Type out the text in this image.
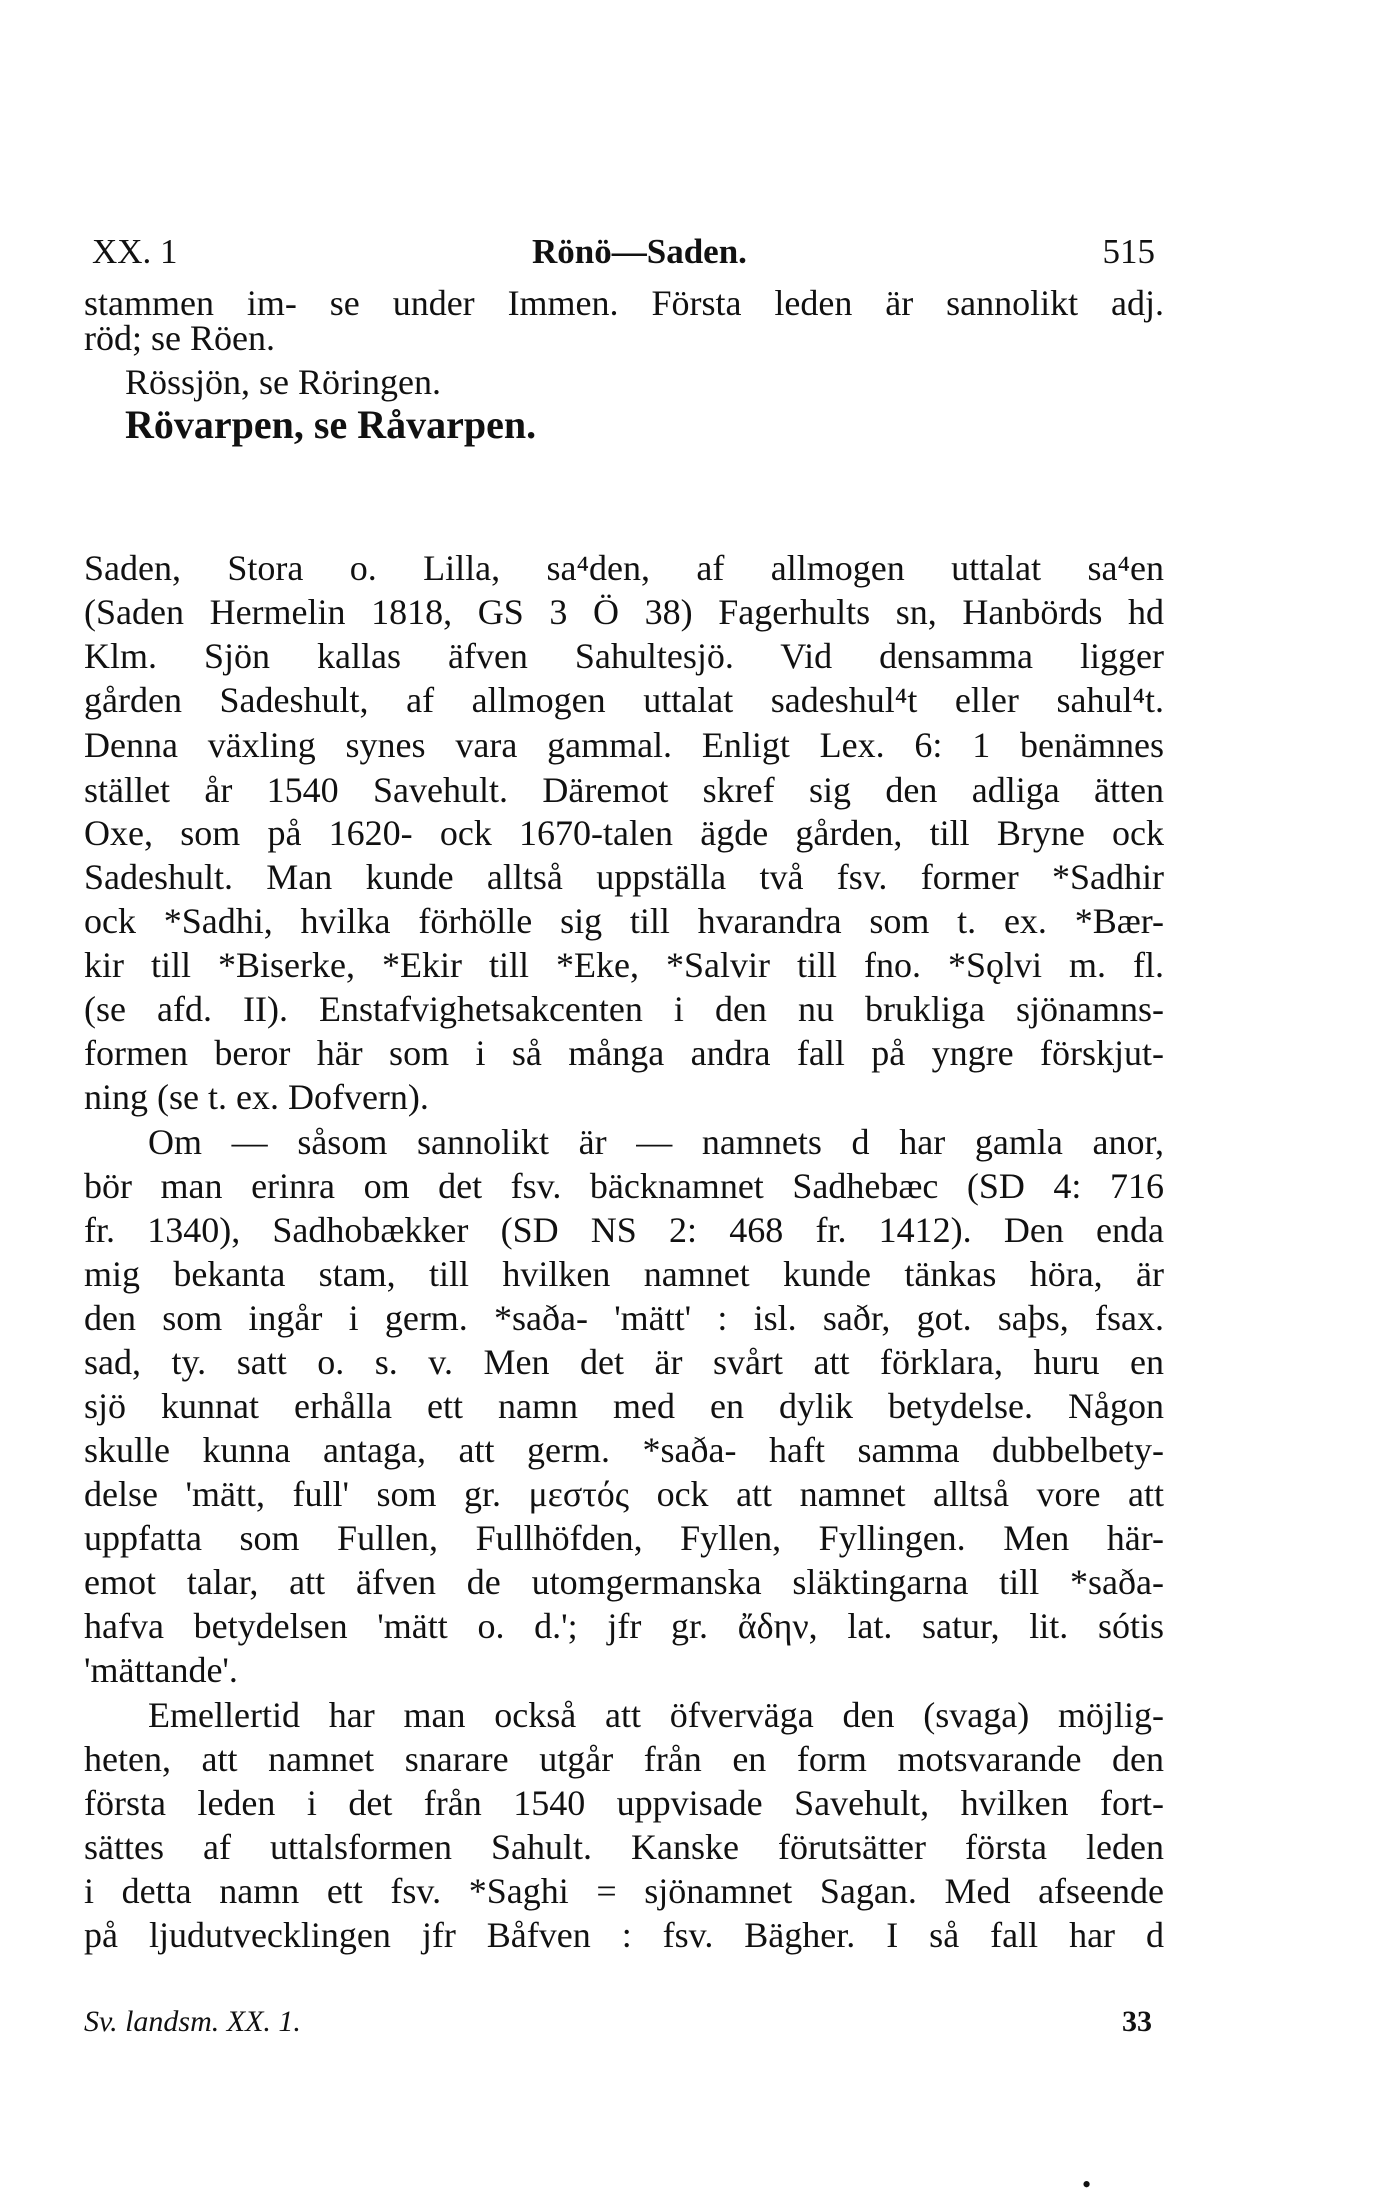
XX. 1	Rönö—Saden.	515
stammen im- se under Immen. Första leden är sannolikt adj.
röd; se Röen.
Rössjön, se Röringen.
Rövarpen, se Råvarpen.
Saden, Stora o. Lilla, sa⁴den, af allmogen uttalat sa⁴en
(Saden Hermelin 1818, GS 3 Ö 38) Fagerhults sn, Hanbörds hd
Klm. Sjön kallas äfven Sahultesjö. Vid densamma ligger
gården Sadeshult, af allmogen uttalat sadeshul⁴t eller sahul⁴t.
Denna växling synes vara gammal. Enligt Lex. 6: 1 benämnes
stället år 1540 Savehult. Däremot skref sig den adliga ätten
Oxe, som på 1620- ock 1670-talen ägde gården, till Bryne ock
Sadeshult. Man kunde alltså uppställa två fsv. former *Sadhir
ock *Sadhi, hvilka förhölle sig till hvarandra som t. ex. *Bær-
kir till *Biserke, *Ekir till *Eke, *Salvir till fno. *Sǫlvi m. fl.
(se afd. II). Enstafvighetsakcenten i den nu brukliga sjönamns-
formen beror här som i så många andra fall på yngre förskjut-
ning (se t. ex. Dofvern).
Om — såsom sannolikt är — namnets d har gamla anor,
bör man erinra om det fsv. bäcknamnet Sadhebæc (SD 4: 716
fr. 1340), Sadhobækker (SD NS 2: 468 fr. 1412). Den enda
mig bekanta stam, till hvilken namnet kunde tänkas höra, är
den som ingår i germ. *saða- 'mätt' : isl. saðr, got. saþs, fsax.
sad, ty. satt o. s. v. Men det är svårt att förklara, huru en
sjö kunnat erhålla ett namn med en dylik betydelse. Någon
skulle kunna antaga, att germ. *saða- haft samma dubbelbety-
delse 'mätt, full' som gr. μεστός ock att namnet alltså vore att
uppfatta som Fullen, Fullhöfden, Fyllen, Fyllingen. Men här-
emot talar, att äfven de utomgermanska släktingarna till *saða-
hafva betydelsen 'mätt o. d.'; jfr gr. ἄδην, lat. satur, lit. sótis
'mättande'.
Emellertid har man också att öfverväga den (svaga) möjlig-
heten, att namnet snarare utgår från en form motsvarande den
första leden i det från 1540 uppvisade Savehult, hvilken fort-
sättes af uttalsformen Sahult. Kanske förutsätter första leden
i detta namn ett fsv. *Saghi = sjönamnet Sagan. Med afseende
på ljudutvecklingen jfr Båfven : fsv. Bägher. I så fall har d
Sv. landsm. XX. 1.	33
•
